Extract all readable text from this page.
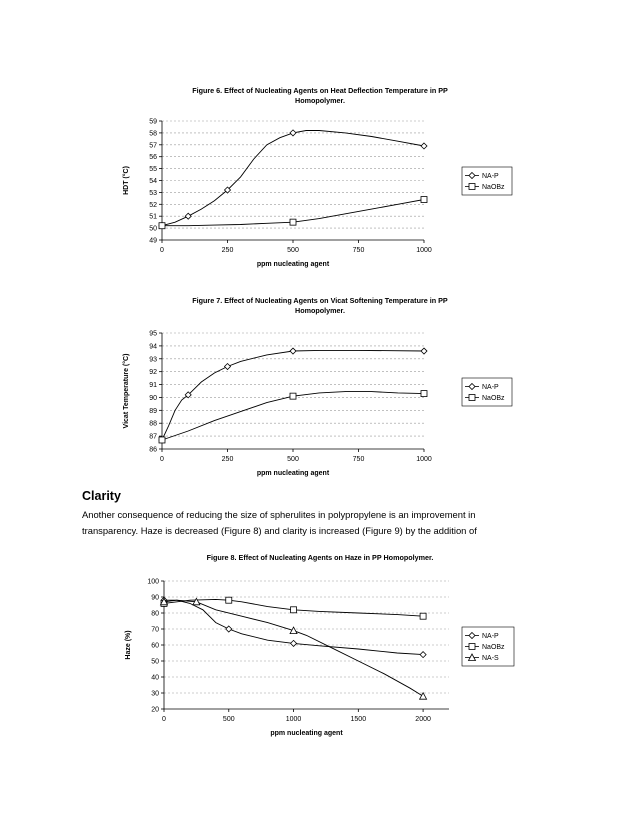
Figure 6. Effect of Nucleating Agents on Heat Deflection Temperature in PP
Homopolymer.
49
50
51
52
53
54
55
56
57
58
59
0	250	500	750	1000
ppm nucleating agent
HDT (°C)	NA-P
NaOBz
Figure 7. Effect of Nucleating Agents on Vicat Softening Temperature in PP
Homopolymer.
86
87
88
89
90
91
92
93
94
95
0	250	500	750	1000
ppm nucleating agent
Vicat Temperature (°C)	NA-P
NaOBz
Clarity
Another consequence of reducing the size of spherulites in polypropylene is an improvement in
transparency. Haze is decreased (Figure 8) and clarity is increased (Figure 9) by the addition of
Figure 8. Effect of Nucleating Agents on Haze in PP Homopolymer.
20
30
40
50
60
70
80
90
100
0	500	1000	1500	2000
ppm nucleating agent
Haze (%)	NA-P
NaOBz
NA-S
